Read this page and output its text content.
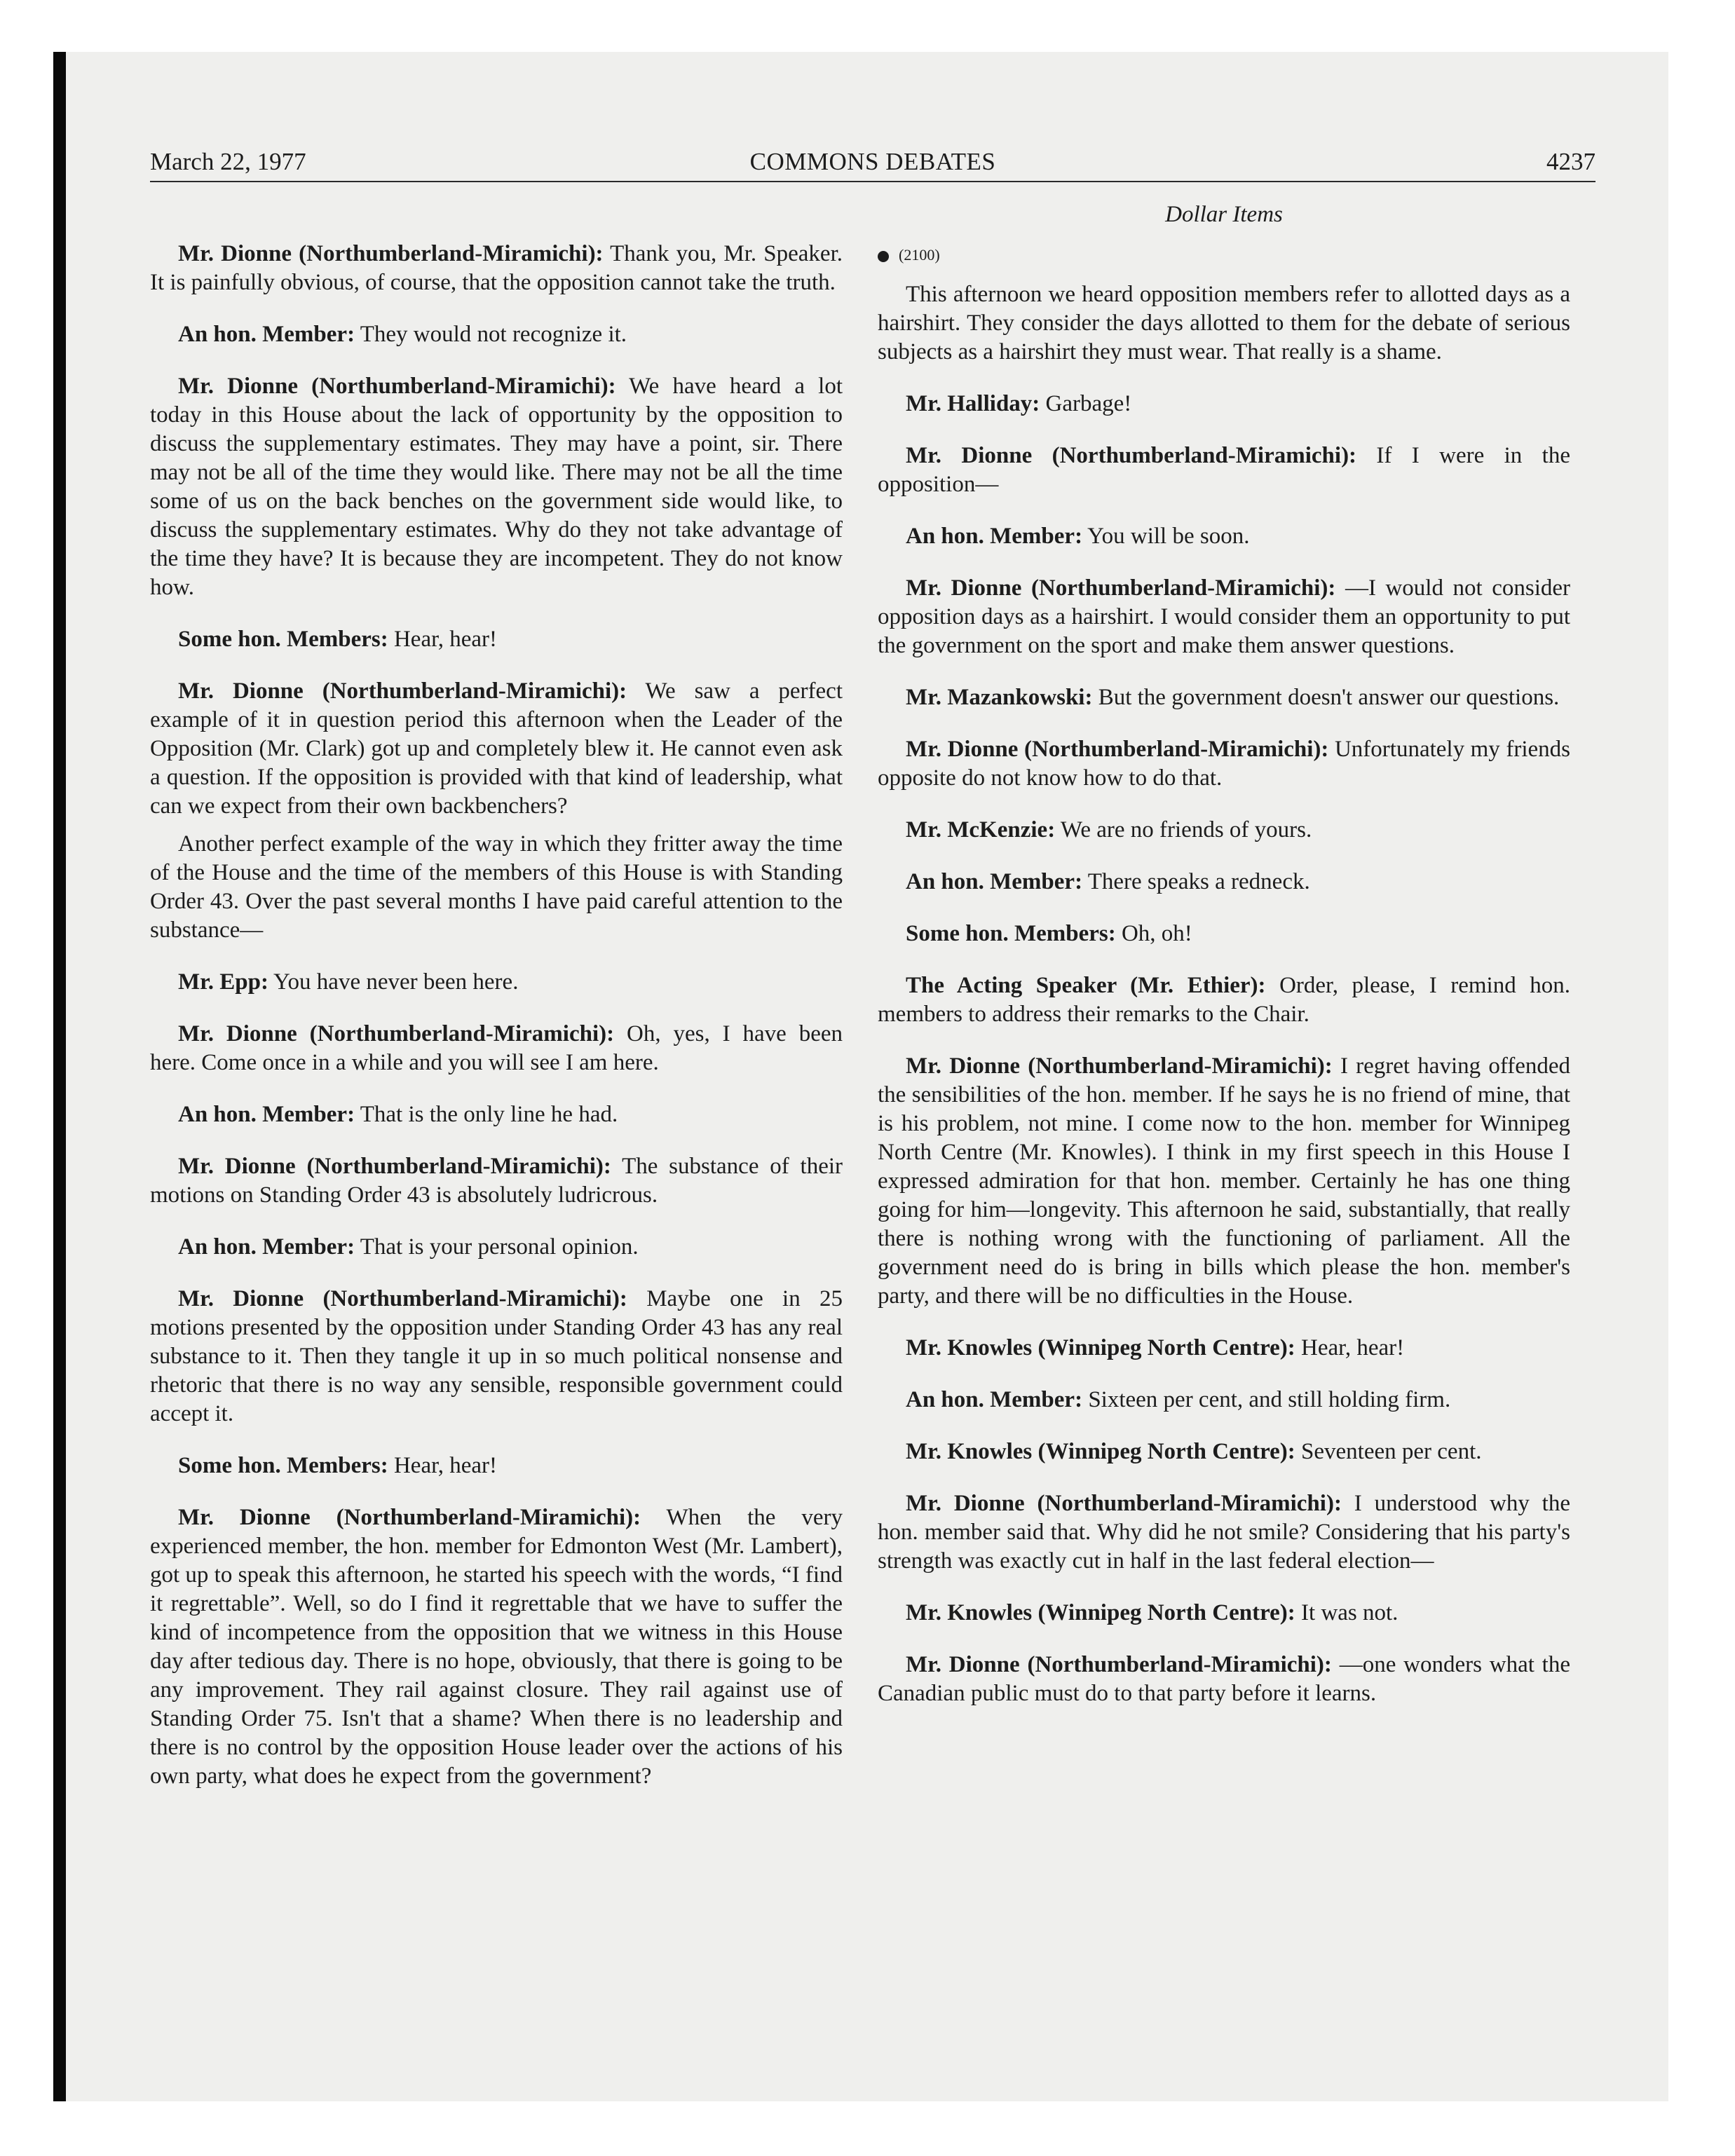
March 22, 1977	COMMONS DEBATES	4237

Mr. Dionne (Northumberland-Miramichi): Thank you, Mr. Speaker. It is painfully obvious, of course, that the opposition cannot take the truth.

An hon. Member: They would not recognize it.

Mr. Dionne (Northumberland-Miramichi): We have heard a lot today in this House about the lack of opportunity by the opposition to discuss the supplementary estimates. They may have a point, sir. There may not be all of the time they would like. There may not be all the time some of us on the back benches on the government side would like, to discuss the supplementary estimates. Why do they not take advantage of the time they have? It is because they are incompetent. They do not know how.

Some hon. Members: Hear, hear!

Mr. Dionne (Northumberland-Miramichi): We saw a perfect example of it in question period this afternoon when the Leader of the Opposition (Mr. Clark) got up and completely blew it. He cannot even ask a question. If the opposition is provided with that kind of leadership, what can we expect from their own backbenchers?

Another perfect example of the way in which they fritter away the time of the House and the time of the members of this House is with Standing Order 43. Over the past several months I have paid careful attention to the substance—

Mr. Epp: You have never been here.

Mr. Dionne (Northumberland-Miramichi): Oh, yes, I have been here. Come once in a while and you will see I am here.

An hon. Member: That is the only line he had.

Mr. Dionne (Northumberland-Miramichi): The substance of their motions on Standing Order 43 is absolutely ludricrous.

An hon. Member: That is your personal opinion.

Mr. Dionne (Northumberland-Miramichi): Maybe one in 25 motions presented by the opposition under Standing Order 43 has any real substance to it. Then they tangle it up in so much political nonsense and rhetoric that there is no way any sensible, responsible government could accept it.

Some hon. Members: Hear, hear!

Mr. Dionne (Northumberland-Miramichi): When the very experienced member, the hon. member for Edmonton West (Mr. Lambert), got up to speak this afternoon, he started his speech with the words, “I find it regrettable”. Well, so do I find it regrettable that we have to suffer the kind of incompetence from the opposition that we witness in this House day after tedious day. There is no hope, obviously, that there is going to be any improvement. They rail against closure. They rail against use of Standing Order 75. Isn't that a shame? When there is no leadership and there is no control by the opposition House leader over the actions of his own party, what does he expect from the government?

Dollar Items
(2100)

This afternoon we heard opposition members refer to allotted days as a hairshirt. They consider the days allotted to them for the debate of serious subjects as a hairshirt they must wear. That really is a shame.

Mr. Halliday: Garbage!

Mr. Dionne (Northumberland-Miramichi): If I were in the opposition—

An hon. Member: You will be soon.

Mr. Dionne (Northumberland-Miramichi): —I would not consider opposition days as a hairshirt. I would consider them an opportunity to put the government on the sport and make them answer questions.

Mr. Mazankowski: But the government doesn't answer our questions.

Mr. Dionne (Northumberland-Miramichi): Unfortunately my friends opposite do not know how to do that.

Mr. McKenzie: We are no friends of yours.

An hon. Member: There speaks a redneck.

Some hon. Members: Oh, oh!

The Acting Speaker (Mr. Ethier): Order, please, I remind hon. members to address their remarks to the Chair.

Mr. Dionne (Northumberland-Miramichi): I regret having offended the sensibilities of the hon. member. If he says he is no friend of mine, that is his problem, not mine. I come now to the hon. member for Winnipeg North Centre (Mr. Knowles). I think in my first speech in this House I expressed admiration for that hon. member. Certainly he has one thing going for him—longevity. This afternoon he said, substantially, that really there is nothing wrong with the functioning of parliament. All the government need do is bring in bills which please the hon. member's party, and there will be no difficulties in the House.

Mr. Knowles (Winnipeg North Centre): Hear, hear!

An hon. Member: Sixteen per cent, and still holding firm.

Mr. Knowles (Winnipeg North Centre): Seventeen per cent.

Mr. Dionne (Northumberland-Miramichi): I understood why the hon. member said that. Why did he not smile? Considering that his party's strength was exactly cut in half in the last federal election—

Mr. Knowles (Winnipeg North Centre): It was not.

Mr. Dionne (Northumberland-Miramichi): —one wonders what the Canadian public must do to that party before it learns.
